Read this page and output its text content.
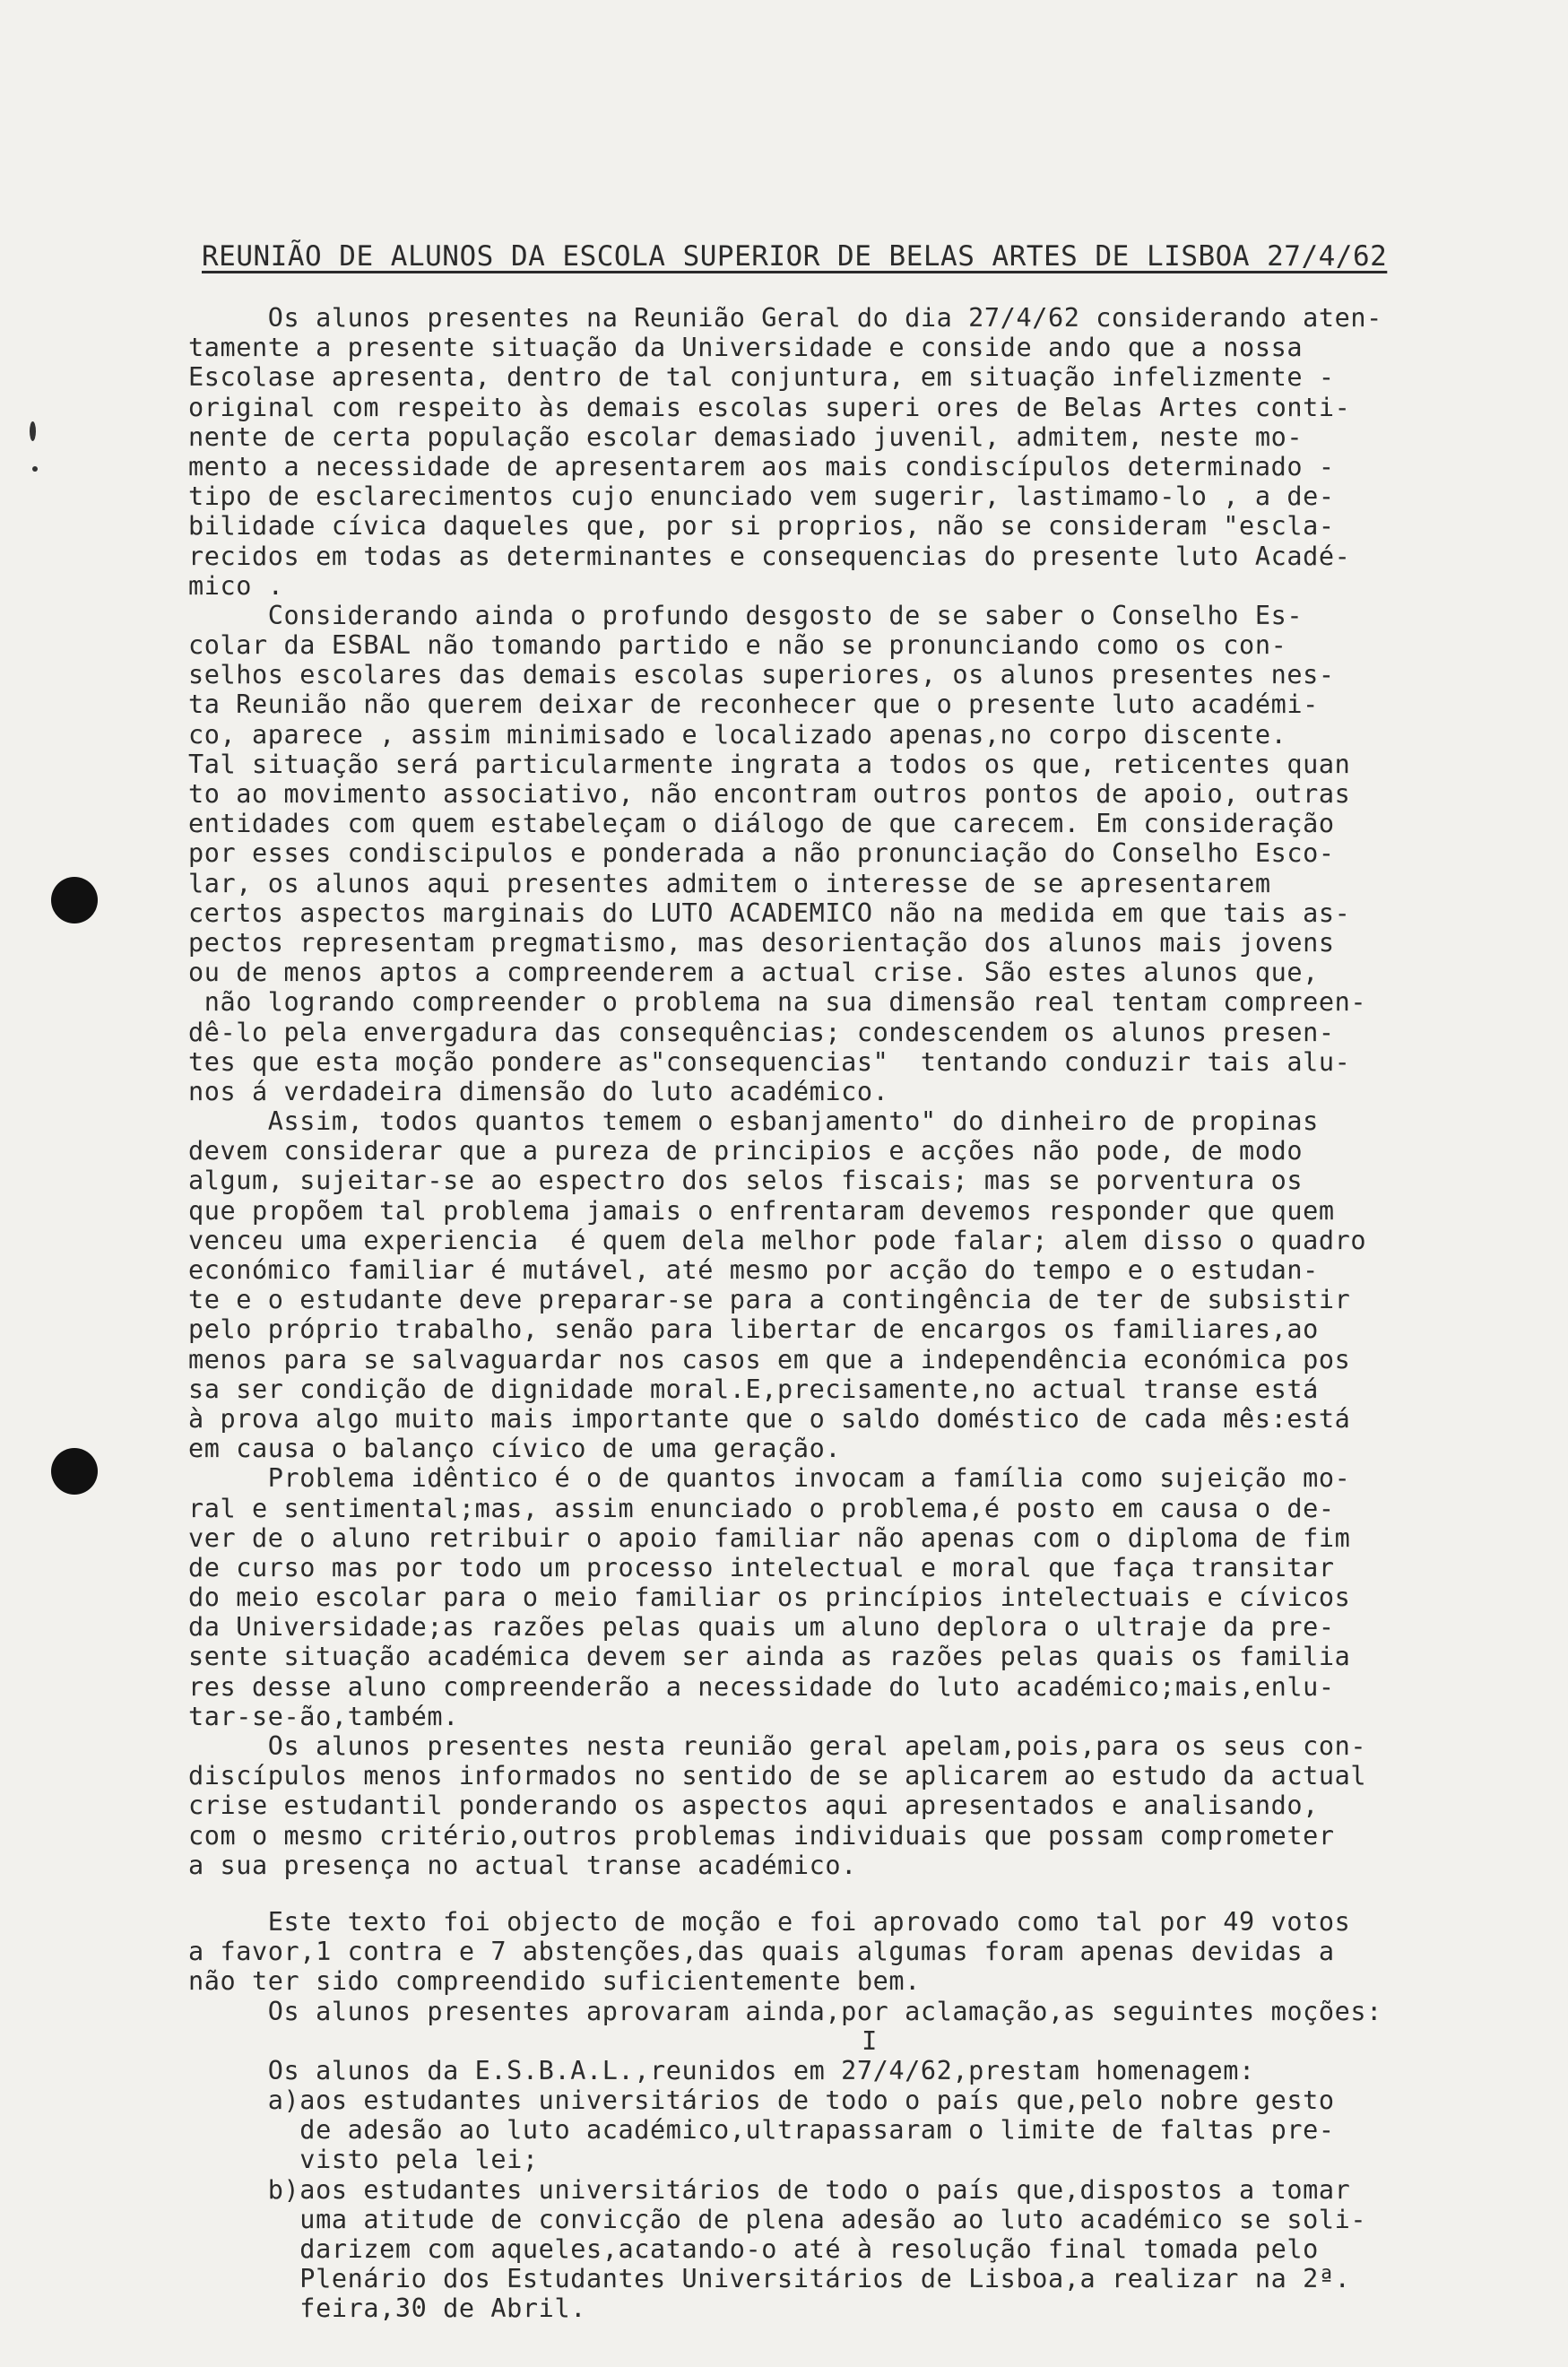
REUNIÃO DE ALUNOS DA ESCOLA SUPERIOR DE BELAS ARTES DE LISBOA 27/4/62
Os alunos presentes na Reunião Geral do dia 27/4/62 considerando aten-
tamente a presente situação da Universidade e conside ando que a nossa
Escolase apresenta, dentro de tal conjuntura, em situação infelizmente -
original com respeito às demais escolas superi ores de Belas Artes conti-
nente de certa população escolar demasiado juvenil, admitem, neste mo-
mento a necessidade de apresentarem aos mais condiscípulos determinado -
tipo de esclarecimentos cujo enunciado vem sugerir, lastimamo-lo , a de-
bilidade cívica daqueles que, por si proprios, não se consideram "escla-
recidos em todas as determinantes e consequencias do presente luto Acadé-
mico .
Considerando ainda o profundo desgosto de se saber o Conselho Es-
colar da ESBAL não tomando partido e não se pronunciando como os con-
selhos escolares das demais escolas superiores, os alunos presentes nes-
ta Reunião não querem deixar de reconhecer que o presente luto académi-
co, aparece , assim minimisado e localizado apenas,no corpo discente.
Tal situação será particularmente ingrata a todos os que, reticentes quan
to ao movimento associativo, não encontram outros pontos de apoio, outras
entidades com quem estabeleçam o diálogo de que carecem. Em consideração
por esses condiscipulos e ponderada a não pronunciação do Conselho Esco-
lar, os alunos aqui presentes admitem o interesse de se apresentarem
certos aspectos marginais do LUTO ACADEMICO não na medida em que tais as-
pectos representam pregmatismo, mas desorientação dos alunos mais jovens
ou de menos aptos a compreenderem a actual crise. São estes alunos que,
não logrando compreender o problema na sua dimensão real tentam compreen-
dê-lo pela envergadura das consequências; condescendem os alunos presen-
tes que esta moção pondere as"consequencias"  tentando conduzir tais alu-
nos á verdadeira dimensão do luto académico.
Assim, todos quantos temem o esbanjamento" do dinheiro de propinas
devem considerar que a pureza de principios e acções não pode, de modo
algum, sujeitar-se ao espectro dos selos fiscais; mas se porventura os
que propõem tal problema jamais o enfrentaram devemos responder que quem
venceu uma experiencia  é quem dela melhor pode falar; alem disso o quadro
económico familiar é mutável, até mesmo por acção do tempo e o estudan-
te e o estudante deve preparar-se para a contingência de ter de subsistir
pelo próprio trabalho, senão para libertar de encargos os familiares,ao
menos para se salvaguardar nos casos em que a independência económica pos
sa ser condição de dignidade moral.E,precisamente,no actual transe está
à prova algo muito mais importante que o saldo doméstico de cada mês:está
em causa o balanço cívico de uma geração.
Problema idêntico é o de quantos invocam a família como sujeição mo-
ral e sentimental;mas, assim enunciado o problema,é posto em causa o de-
ver de o aluno retribuir o apoio familiar não apenas com o diploma de fim
de curso mas por todo um processo intelectual e moral que faça transitar
do meio escolar para o meio familiar os princípios intelectuais e cívicos
da Universidade;as razões pelas quais um aluno deplora o ultraje da pre-
sente situação académica devem ser ainda as razões pelas quais os familia
res desse aluno compreenderão a necessidade do luto académico;mais,enlu-
tar-se-ão,também.
Os alunos presentes nesta reunião geral apelam,pois,para os seus con-
discípulos menos informados no sentido de se aplicarem ao estudo da actual
crise estudantil ponderando os aspectos aqui apresentados e analisando,
com o mesmo critério,outros problemas individuais que possam comprometer
a sua presença no actual transe académico.
Este texto foi objecto de moção e foi aprovado como tal por 49 votos
a favor,1 contra e 7 abstenções,das quais algumas foram apenas devidas a
não ter sido compreendido suficientemente bem.
Os alunos presentes aprovaram ainda,por aclamação,as seguintes moções:
I
Os alunos da E.S.B.A.L.,reunidos em 27/4/62,prestam homenagem:
a)aos estudantes universitários de todo o país que,pelo nobre gesto
de adesão ao luto académico,ultrapassaram o limite de faltas pre-
visto pela lei;
b)aos estudantes universitários de todo o país que,dispostos a tomar
uma atitude de convicção de plena adesão ao luto académico se soli-
darizem com aqueles,acatando-o até à resolução final tomada pelo
Plenário dos Estudantes Universitários de Lisboa,a realizar na 2ª.
feira,30 de Abril.
